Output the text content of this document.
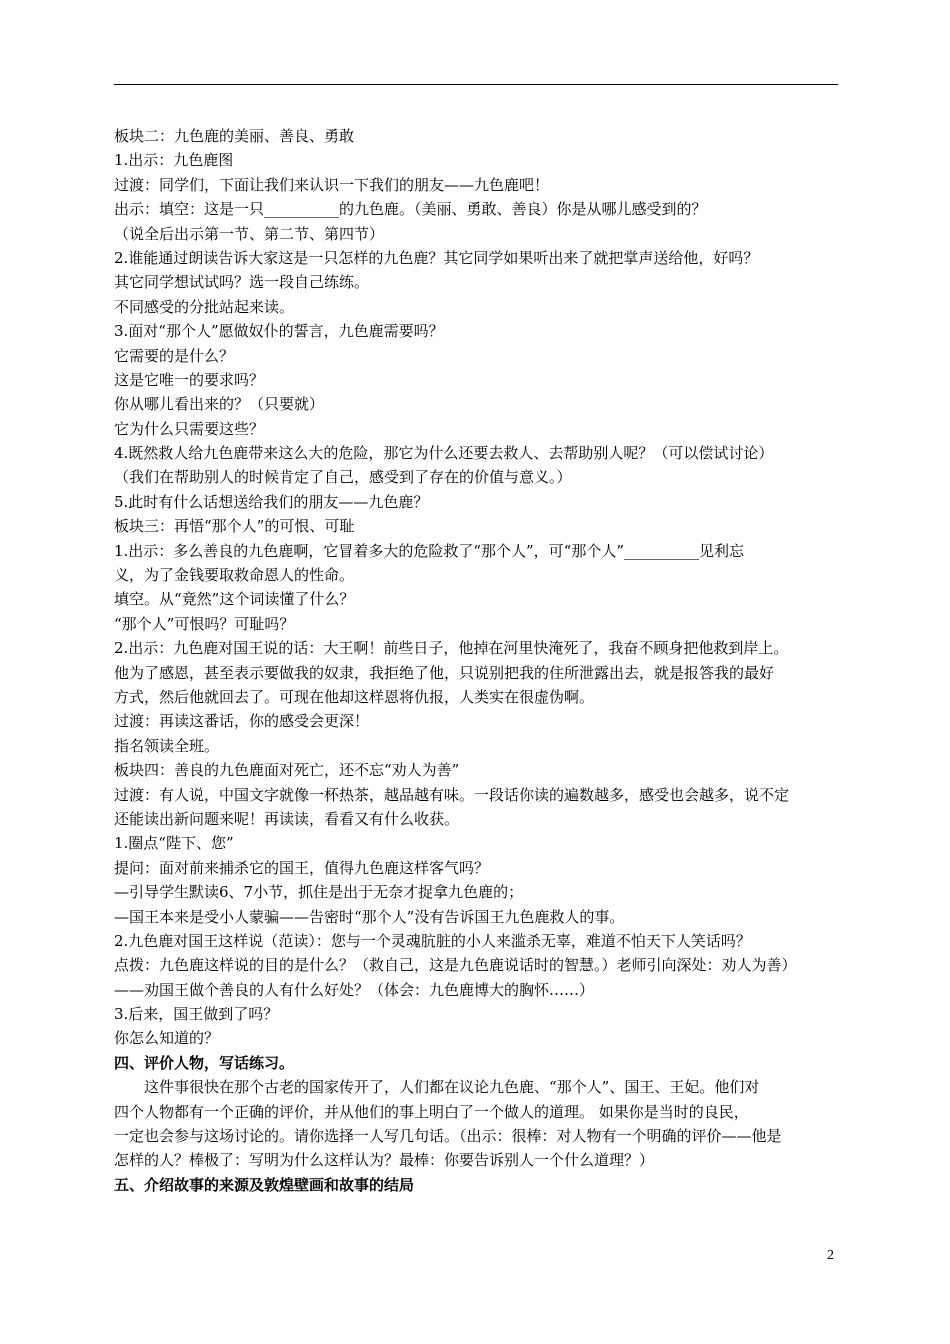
板块二：九色鹿的美丽、善良、勇敢
1.出示：九色鹿图
过渡：同学们，下面让我们来认识一下我们的朋友——九色鹿吧！
出示：填空：这是一只__________的九色鹿。（美丽、勇敢、善良）你是从哪儿感受到的？
（说全后出示第一节、第二节、第四节）
2.谁能通过朗读告诉大家这是一只怎样的九色鹿？其它同学如果听出来了就把掌声送给他，好吗？
其它同学想试试吗？选一段自己练练。
不同感受的分批站起来读。
3.面对“那个人”愿做奴仆的誓言，九色鹿需要吗？
它需要的是什么？
这是它唯一的要求吗？
你从哪儿看出来的？（只要就）
它为什么只需要这些？
4.既然救人给九色鹿带来这么大的危险，那它为什么还要去救人、去帮助别人呢？（可以偿试讨论）
（我们在帮助别人的时候肯定了自己，感受到了存在的价值与意义。）
5.此时有什么话想送给我们的朋友——九色鹿？
板块三：再悟“那个人”的可恨、可耻
1.出示：多么善良的九色鹿啊，它冒着多大的危险救了“那个人”，可“那个人”__________见利忘
义，为了金钱要取救命恩人的性命。
填空。从“竟然”这个词读懂了什么？
“那个人”可恨吗？可耻吗？
2.出示：九色鹿对国王说的话：大王啊！前些日子，他掉在河里快淹死了，我奋不顾身把他救到岸上。
他为了感恩，甚至表示要做我的奴隶，我拒绝了他，只说别把我的住所泄露出去，就是报答我的最好
方式，然后他就回去了。可现在他却这样恩将仇报，人类实在很虚伪啊。
过渡：再读这番话，你的感受会更深！
指名领读全班。
板块四：善良的九色鹿面对死亡，还不忘“劝人为善”
过渡：有人说，中国文字就像一杯热茶，越品越有味。一段话你读的遍数越多，感受也会越多，说不定
还能读出新问题来呢！再读读，看看又有什么收获。
1.圈点“陛下、您”
提问：面对前来捕杀它的国王，值得九色鹿这样客气吗？
—引导学生默读6、7小节，抓住是出于无奈才捉拿九色鹿的；
—国王本来是受小人蒙骗——告密时“那个人”没有告诉国王九色鹿救人的事。
2.九色鹿对国王这样说（范读）：您与一个灵魂肮脏的小人来滥杀无辜，难道不怕天下人笑话吗？
点拨：九色鹿这样说的目的是什么？（救自己，这是九色鹿说话时的智慧。）老师引向深处：劝人为善）
——劝国王做个善良的人有什么好处？（体会：九色鹿博大的胸怀……）
3.后来，国王做到了吗？
你怎么知道的？
四、评价人物，写话练习。
这件事很快在那个古老的国家传开了，人们都在议论九色鹿、“那个人”、国王、王妃。他们对
四个人物都有一个正确的评价，并从他们的事上明白了一个做人的道理。 如果你是当时的良民，
一定也会参与这场讨论的。请你选择一人写几句话。（出示：很棒：对人物有一个明确的评价——他是
怎样的人？棒极了：写明为什么这样认为？最棒：你要告诉别人一个什么道理？）
五、介绍故事的来源及敦煌壁画和故事的结局
2
